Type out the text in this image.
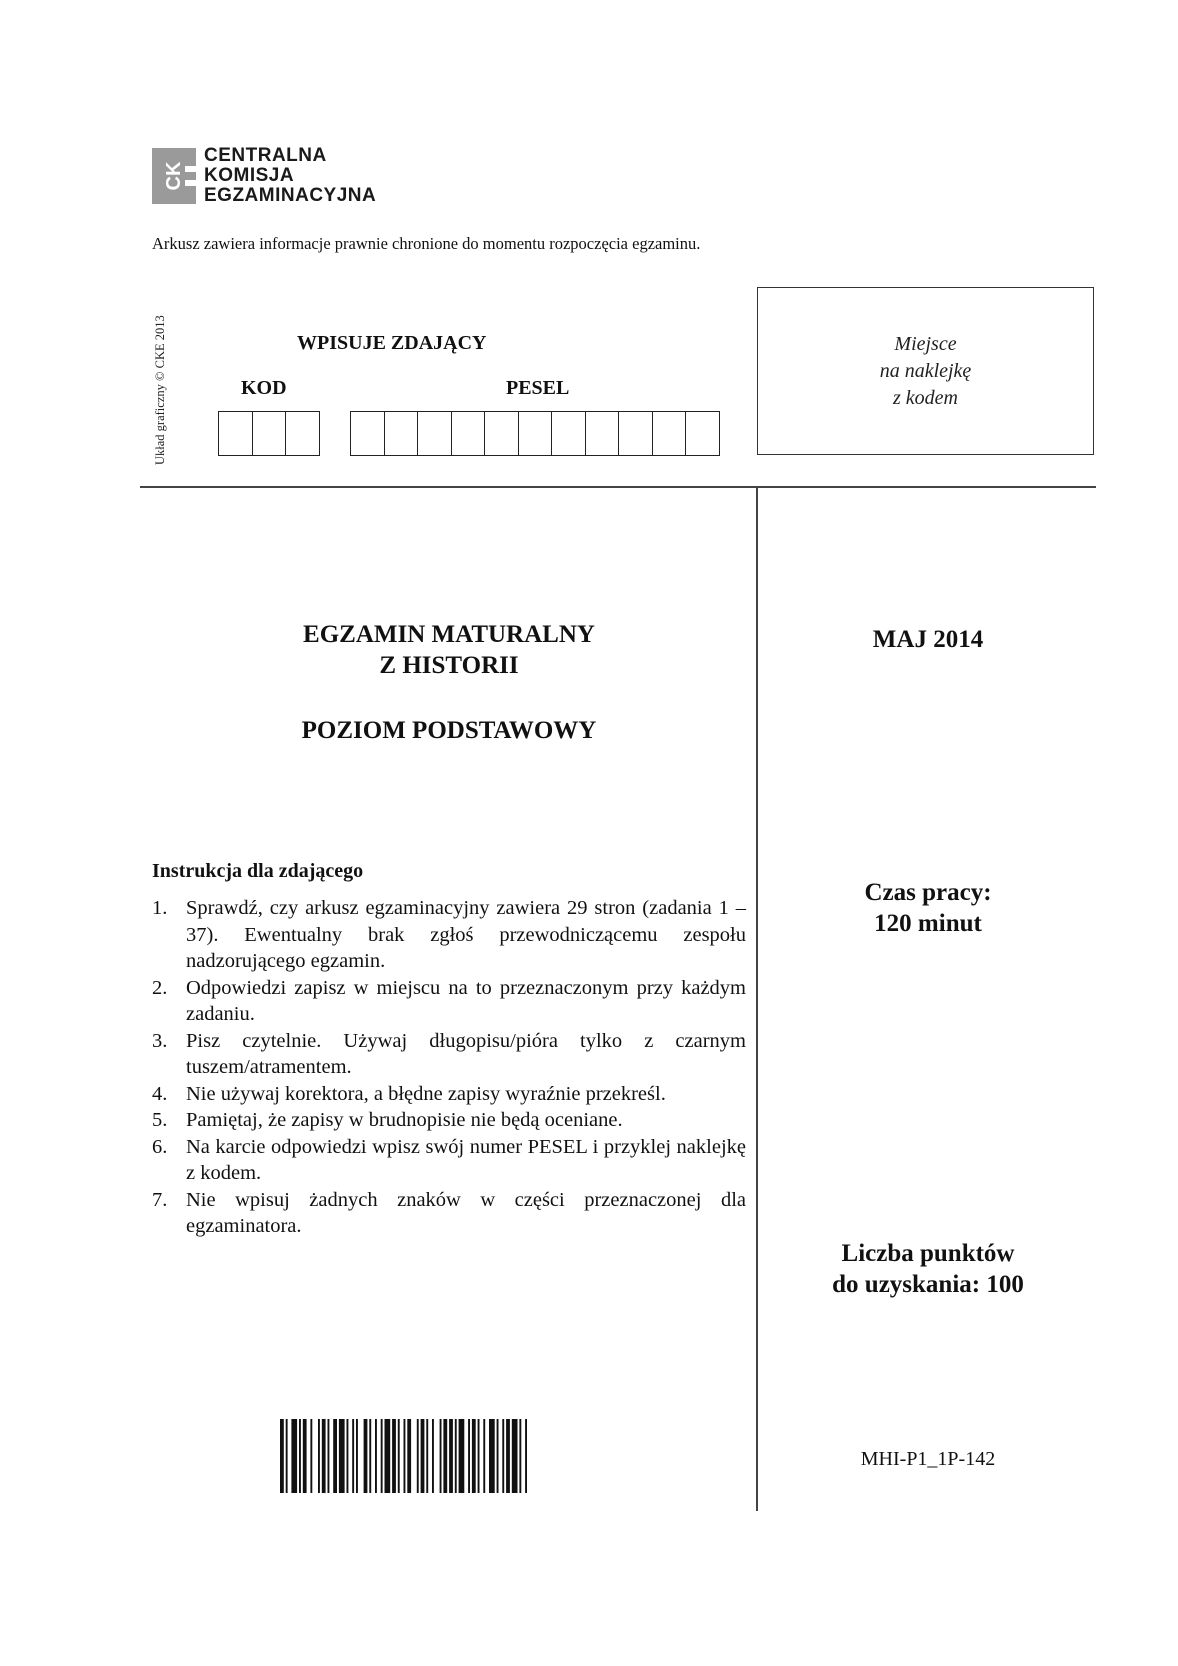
CK
CENTRALNA
KOMISJA
EGZAMINACYJNA
Arkusz zawiera informacje prawnie chronione do momentu rozpoczęcia egzaminu.
Układ graficzny © CKE 2013	WPISUJE ZDAJĄCY
KOD	PESEL
Miejsce
na naklejkę
z kodem
EGZAMIN MATURALNY
Z HISTORII
POZIOM PODSTAWOWY
MAJ 2014
Instrukcja dla zdającego
1. Sprawdź, czy arkusz egzaminacyjny zawiera 29 stron (zadania 1 – 37). Ewentualny brak zgłoś przewodniczącemu zespołu nadzorującego egzamin.
2. Odpowiedzi zapisz w miejscu na to przeznaczonym przy każdym zadaniu.
3. Pisz czytelnie. Używaj długopisu/pióra tylko z czarnym tuszem/atramentem.
4. Nie używaj korektora, a błędne zapisy wyraźnie przekreśl.
5. Pamiętaj, że zapisy w brudnopisie nie będą oceniane.
6. Na karcie odpowiedzi wpisz swój numer PESEL i przyklej naklejkę z kodem.
7. Nie wpisuj żadnych znaków w części przeznaczonej dla egzaminatora.
Czas pracy:
120 minut
Liczba punktów
do uzyskania: 100
MHI-P1_1P-142
